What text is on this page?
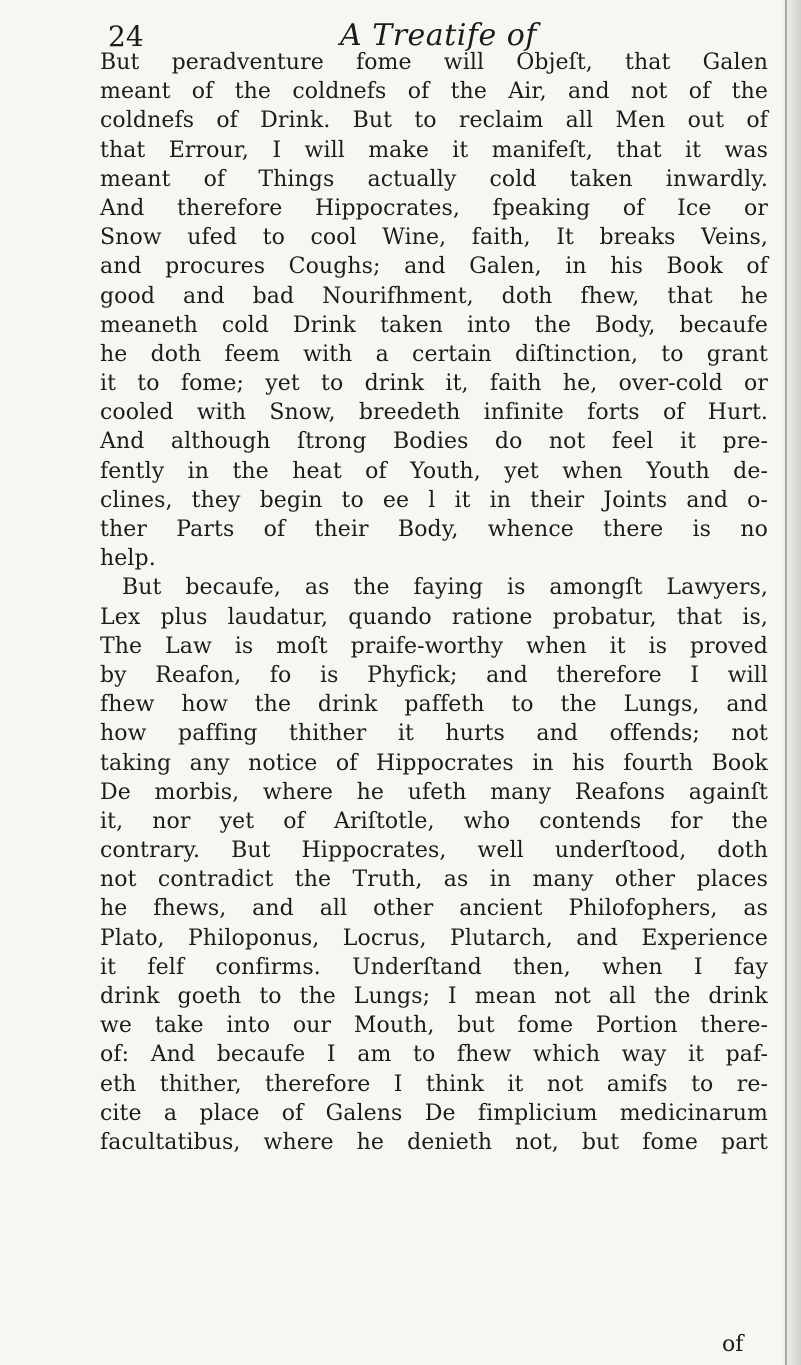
24	A Treatife of
But peradventure fome will Objeſt, that Galen
meant of the coldnefs of the Air, and not of the
coldnefs of Drink. But to reclaim all Men out of
that Errour, I will make it manifeſt, that it was
meant of Things actually cold taken inwardly.
And therefore Hippocrates, fpeaking of Ice or
Snow ufed to cool Wine, faith, It breaks Veins,
and procures Coughs; and Galen, in his Book of
good and bad Nourifhment, doth fhew, that he
meaneth cold Drink taken into the Body, becaufe
he doth feem with a certain diſtinction, to grant
it to fome; yet to drink it, faith he, over-cold or
cooled with Snow, breedeth infinite forts of Hurt.
And although ſtrong Bodies do not feel it pre-
fently in the heat of Youth, yet when Youth de-
clines, they begin to ee l it in their Joints and o-
ther Parts of their Body, whence there is no
help.
But becaufe, as the faying is amongſt Lawyers,
Lex plus laudatur, quando ratione probatur, that is,
The Law is moſt praife-worthy when it is proved
by Reafon, fo is Phyfick; and therefore I will
fhew how the drink paffeth to the Lungs, and
how paffing thither it hurts and offends; not
taking any notice of Hippocrates in his fourth Book
De morbis, where he ufeth many Reafons againſt
it, nor yet of Ariſtotle, who contends for the
contrary. But Hippocrates, well underſtood, doth
not contradict the Truth, as in many other places
he fhews, and all other ancient Philofophers, as
Plato, Philoponus, Locrus, Plutarch, and Experience
it felf confirms. Underſtand then, when I fay
drink goeth to the Lungs; I mean not all the drink
we take into our Mouth, but fome Portion there-
of: And becaufe I am to fhew which way it paf-
eth thither, therefore I think it not amifs to re-
cite a place of Galens De fimplicium medicinarum
facultatibus, where he denieth not, but fome part
of
